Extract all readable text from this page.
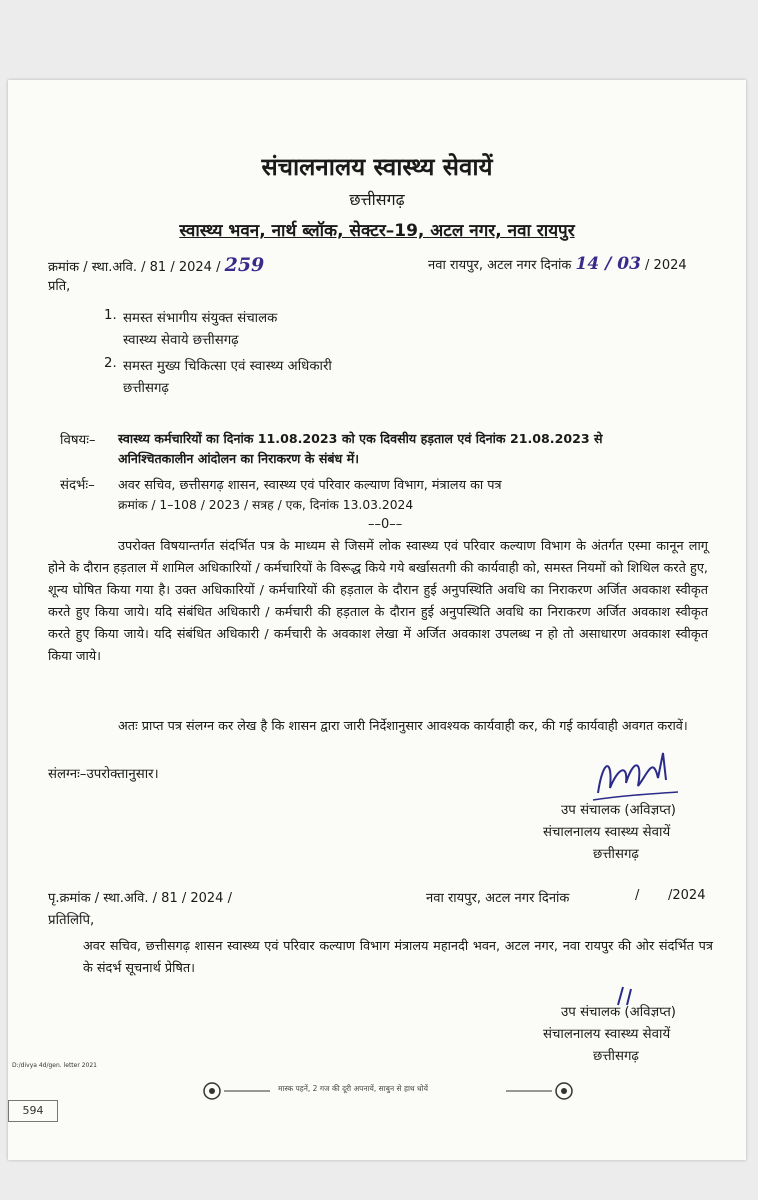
संचालनालय स्वास्थ्य सेवायें
छत्तीसगढ़
स्वास्थ्य भवन, नार्थ ब्लॉक, सेक्टर–19, अटल नगर, नवा रायपुर
क्रमांक / स्था.अवि. / 81 / 2024 / 259	नवा रायपुर, अटल नगर दिनांक 14 / 03 / 2024
प्रति,
1. समस्त संभागीय संयुक्त संचालक
स्वास्थ्य सेवाये छत्तीसगढ़
2. समस्त मुख्य चिकित्सा एवं स्वास्थ्य अधिकारी
छत्तीसगढ़
विषयः– स्वास्थ्य कर्मचारियों का दिनांक 11.08.2023 को एक दिवसीय हड़ताल एवं दिनांक 21.08.2023 से
अनिश्चितकालीन आंदोलन का निराकरण के संबंध में।
संदर्भः– अवर सचिव, छत्तीसगढ़ शासन, स्वास्थ्य एवं परिवार कल्याण विभाग, मंत्रालय का पत्र
क्रमांक / 1–108 / 2023 / सत्रह / एक, दिनांक 13.03.2024
––0––
उपरोक्त विषयान्तर्गत संदर्भित पत्र के माध्यम से जिसमें लोक स्वास्थ्य एवं परिवार कल्याण विभाग के अंतर्गत एस्मा कानून लागू होने के दौरान हड़ताल में शामिल अधिकारियों / कर्मचारियों के विरूद्ध किये गये बर्खासतगी की कार्यवाही को, समस्त नियमों को शिथिल करते हुए, शून्य घोषित किया गया है। उक्त अधिकारियों / कर्मचारियों की हड़ताल के दौरान हुई अनुपस्थिति अवधि का निराकरण अर्जित अवकाश स्वीकृत करते हुए किया जाये। यदि संबंधित अधिकारी / कर्मचारी की हड़ताल के दौरान हुई अनुपस्थिति अवधि का निराकरण अर्जित अवकाश स्वीकृत करते हुए किया जाये। यदि संबंधित अधिकारी / कर्मचारी के अवकाश लेखा में अर्जित अवकाश उपलब्ध न हो तो असाधारण अवकाश स्वीकृत किया जाये।
अतः प्राप्त पत्र संलग्न कर लेख है कि शासन द्वारा जारी निर्देशानुसार आवश्यक कार्यवाही कर, की गई कार्यवाही अवगत करावें।
संलग्नः–उपरोक्तानुसार।
उप संचालक (अविज्ञप्त)
संचालनालय स्वास्थ्य सेवायें
छत्तीसगढ़
पृ.क्रमांक / स्था.अवि. / 81 / 2024 /	नवा रायपुर, अटल नगर दिनांक	/ /2024
प्रतिलिपि,
अवर सचिव, छत्तीसगढ़ शासन स्वास्थ्य एवं परिवार कल्याण विभाग मंत्रालय महानदी भवन, अटल नगर, नवा रायपुर की ओर संदर्भित पत्र के संदर्भ सूचनार्थ प्रेषित।
उप संचालक (अविज्ञप्त)
संचालनालय स्वास्थ्य सेवायें
छत्तीसगढ़
D:/divya 4d/gen. letter 2021
मास्क पहनें, 2 गज की दूरी अपनायें, साबुन से हाथ धोयें
594
